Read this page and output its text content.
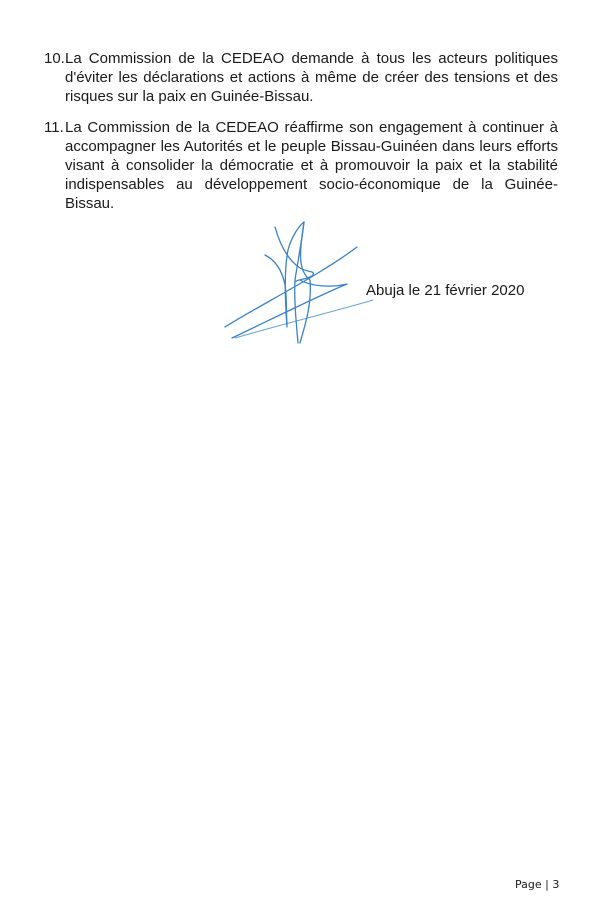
10. La Commission de la CEDEAO demande à tous les acteurs politiques d'éviter les déclarations et actions à même de créer des tensions et des risques sur la paix en Guinée-Bissau.
11. La Commission de la CEDEAO réaffirme son engagement à continuer à accompagner les Autorités et le peuple Bissau-Guinéen dans leurs efforts visant à consolider la démocratie et à promouvoir la paix et la stabilité indispensables au développement socio-économique de la Guinée-Bissau.
Abuja le 21 février 2020
Page | 3
